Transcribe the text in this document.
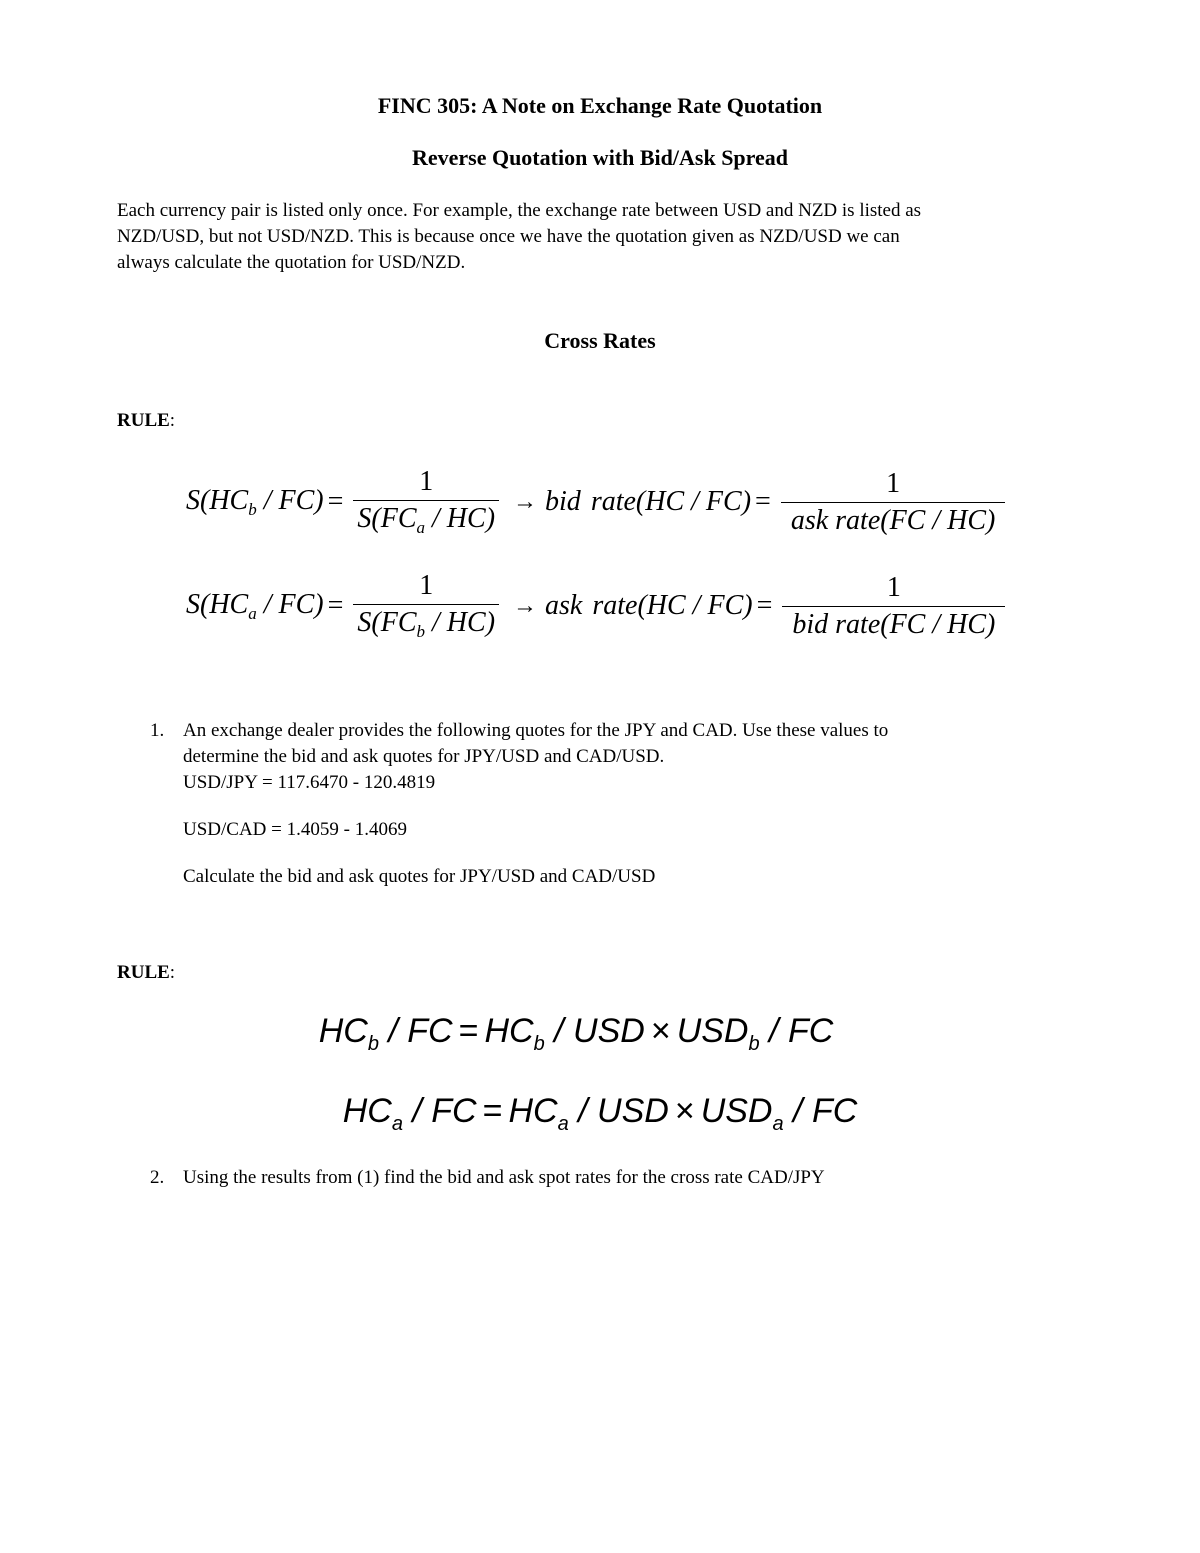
FINC 305: A Note on Exchange Rate Quotation
Reverse Quotation with Bid/Ask Spread
Each currency pair is listed only once. For example, the exchange rate between USD and NZD is listed as
NZD/USD, but not USD/NZD. This is because once we have the quotation given as NZD/USD we can
always calculate the quotation for USD/NZD.
Cross Rates
RULE:
$S(HC_b / FC) = \frac{1}{S(FC_a / HC)}$ → bid rate(HC / $FC) = \frac{1}{\text{ask rate(FC / HC)}}$
$S(HC_a / FC) = \frac{1}{S(FC_b / HC)}$ → ask rate(HC / $FC) = \frac{1}{\text{bid rate(FC / HC)}}$
1. An exchange dealer provides the following quotes for the JPY and CAD. Use these values to
determine the bid and ask quotes for JPY/USD and CAD/USD.
USD/JPY = 117.6470 - 120.4819
USD/CAD = 1.4059 - 1.4069
Calculate the bid and ask quotes for JPY/USD and CAD/USD
RULE:
$HC_b$ / FC = $HC_b$ / USD × $USD_b$ / FC
$HC_a$ / FC = $HC_a$ / USD × $USD_a$ / FC
2. Using the results from (1) find the bid and ask spot rates for the cross rate CAD/JPY
